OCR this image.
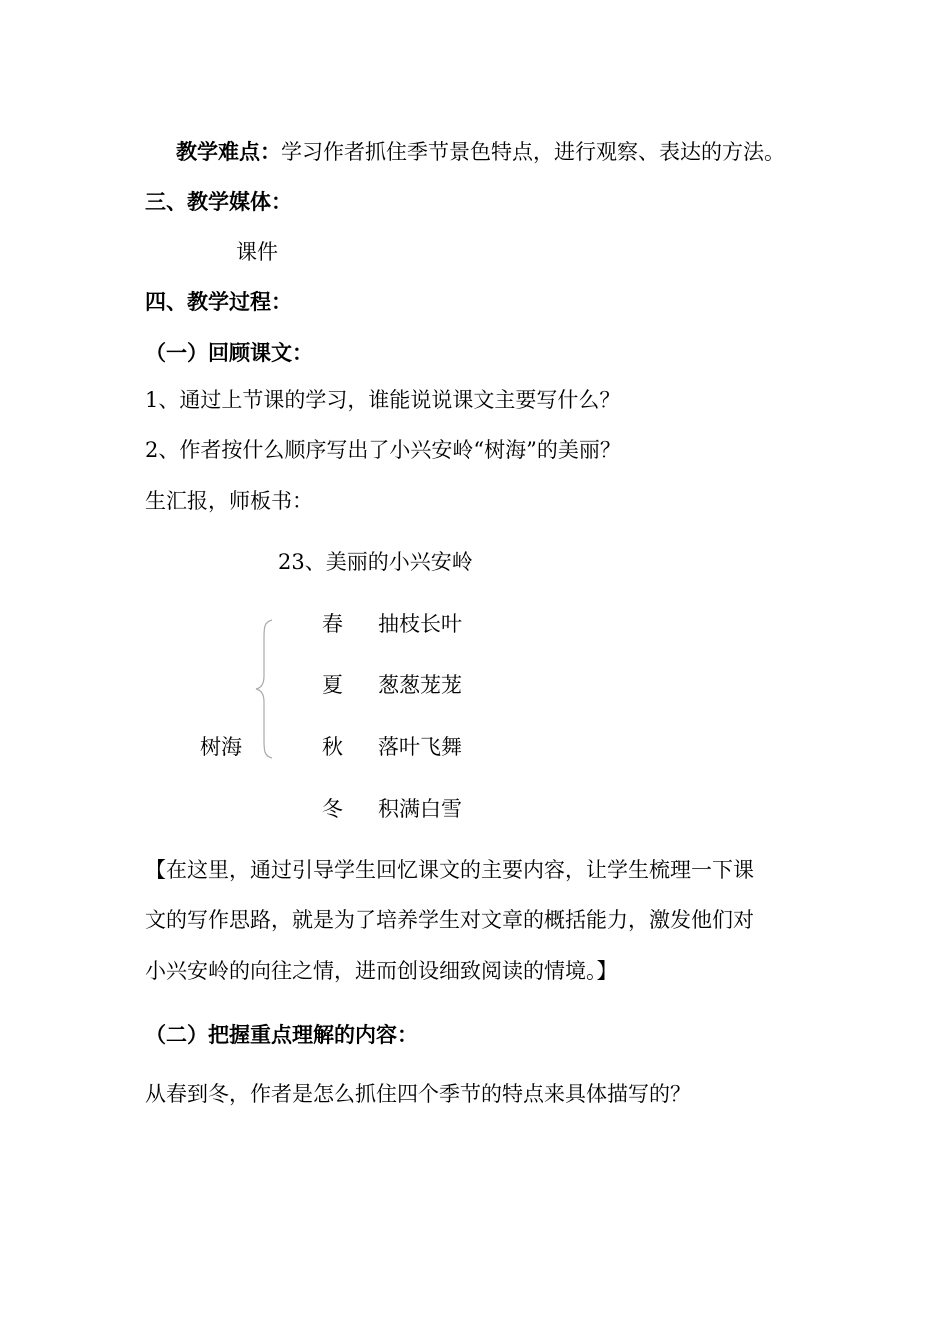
教学难点：学习作者抓住季节景色特点，进行观察、表达的方法。
三、教学媒体：
课件
四、教学过程：
（一）回顾课文：
1、通过上节课的学习，谁能说说课文主要写什么？
2、作者按什么顺序写出了小兴安岭“树海”的美丽？
生汇报，师板书：
23、美丽的小兴安岭
春 抽枝长叶
夏 葱葱茏茏
树海	秋 落叶飞舞
冬 积满白雪
【在这里，通过引导学生回忆课文的主要内容，让学生梳理一下课
文的写作思路，就是为了培养学生对文章的概括能力，激发他们对
小兴安岭的向往之情，进而创设细致阅读的情境。】
（二）把握重点理解的内容：
从春到冬，作者是怎么抓住四个季节的特点来具体描写的？
